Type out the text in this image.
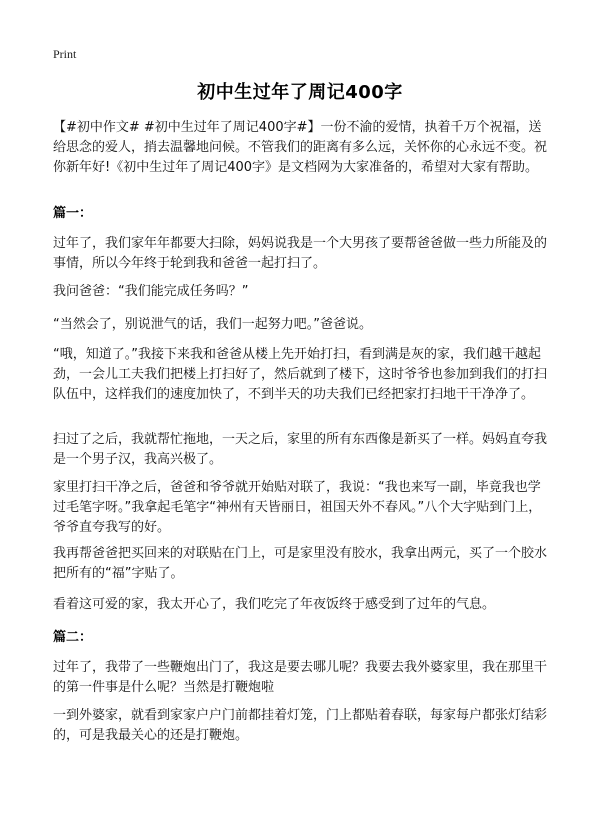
Print
初中生过年了周记400字

【#初中作文# #初中生过年了周记400字#】一份不渝的爱情，执着千万个祝福，送给思念的爱人，捎去温馨地问候。不管我们的距离有多么远，关怀你的心永远不变。祝你新年好!《初中生过年了周记400字》是文档网为大家准备的，希望对大家有帮助。

篇一：

过年了，我们家年年都要大扫除，妈妈说我是一个大男孩了要帮爸爸做一些力所能及的事情，所以今年终于轮到我和爸爸一起打扫了。

我问爸爸：“我们能完成任务吗？”

“当然会了，别说泄气的话，我们一起努力吧。”爸爸说。

“哦，知道了。”我接下来我和爸爸从楼上先开始打扫，看到满是灰的家，我们越干越起劲，一会儿工夫我们把楼上打扫好了，然后就到了楼下，这时爷爷也参加到我们的打扫队伍中，这样我们的速度加快了，不到半天的功夫我们已经把家打扫地干干净净了。

扫过了之后，我就帮忙拖地，一天之后，家里的所有东西像是新买了一样。妈妈直夸我是一个男子汉，我高兴极了。

家里打扫干净之后，爸爸和爷爷就开始贴对联了，我说：“我也来写一副，毕竟我也学过毛笔字呀。”我拿起毛笔字“神州有天皆丽日，祖国天外不春风。”八个大字贴到门上，爷爷直夸我写的好。

我再帮爸爸把买回来的对联贴在门上，可是家里没有胶水，我拿出两元，买了一个胶水把所有的“福”字贴了。

看着这可爱的家，我太开心了，我们吃完了年夜饭终于感受到了过年的气息。

篇二：

过年了，我带了一些鞭炮出门了，我这是要去哪儿呢？我要去我外婆家里，我在那里干的第一件事是什么呢？当然是打鞭炮啦

一到外婆家，就看到家家户户门前都挂着灯笼，门上都贴着春联，每家每户都张灯结彩的，可是我最关心的还是打鞭炮。
